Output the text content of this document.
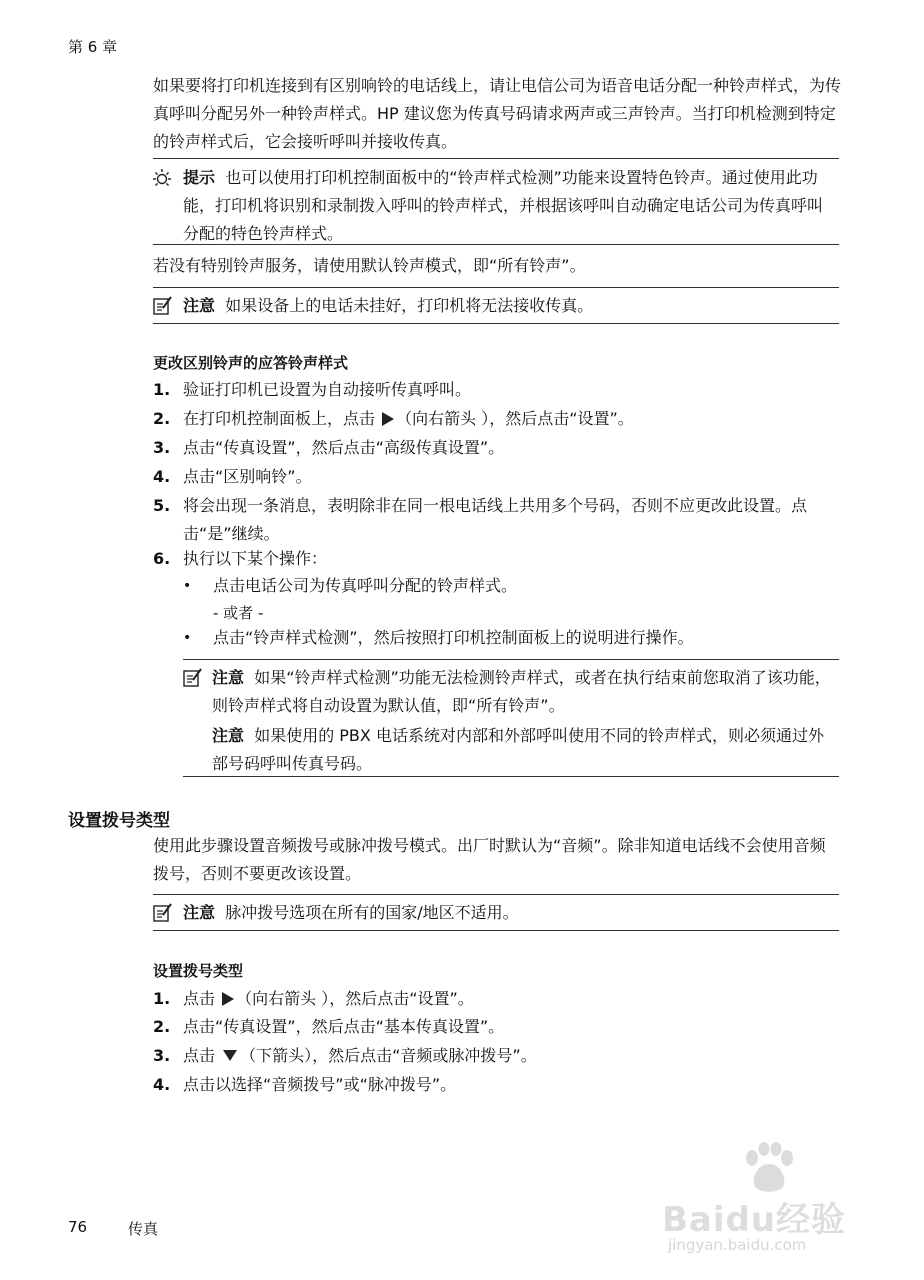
第 6 章
如果要将打印机连接到有区别响铃的电话线上，请让电信公司为语音电话分配一种铃声样式，为传真呼叫分配另外一种铃声样式。HP 建议您为传真号码请求两声或三声铃声。当打印机检测到特定的铃声样式后，它会接听呼叫并接收传真。
提示 也可以使用打印机控制面板中的“铃声样式检测”功能来设置特色铃声。通过使用此功能，打印机将识别和录制拨入呼叫的铃声样式，并根据该呼叫自动确定电话公司为传真呼叫分配的特色铃声样式。
若没有特别铃声服务，请使用默认铃声模式，即“所有铃声”。
注意 如果设备上的电话未挂好，打印机将无法接收传真。
更改区别铃声的应答铃声样式
1. 验证打印机已设置为自动接听传真呼叫。
2. 在打印机控制面板上，点击 （向右箭头 ），然后点击“设置”。
3. 点击“传真设置”，然后点击“高级传真设置”。
4. 点击“区别响铃”。
5. 将会出现一条消息，表明除非在同一根电话线上共用多个号码，否则不应更改此设置。点击“是”继续。
6. 执行以下某个操作：
• 点击电话公司为传真呼叫分配的铃声样式。
- 或者 -
• 点击“铃声样式检测”，然后按照打印机控制面板上的说明进行操作。
注意 如果“铃声样式检测”功能无法检测铃声样式，或者在执行结束前您取消了该功能，则铃声样式将自动设置为默认值，即“所有铃声”。
注意 如果使用的 PBX 电话系统对内部和外部呼叫使用不同的铃声样式，则必须通过外部号码呼叫传真号码。
设置拨号类型
使用此步骤设置音频拨号或脉冲拨号模式。出厂时默认为“音频”。除非知道电话线不会使用音频拨号，否则不要更改该设置。
注意 脉冲拨号选项在所有的国家/地区不适用。
设置拨号类型
1. 点击 （向右箭头 ），然后点击“设置”。
2. 点击“传真设置”，然后点击“基本传真设置”。
3. 点击 （下箭头），然后点击“音频或脉冲拨号”。
4. 点击以选择“音频拨号”或“脉冲拨号”。
76	传真	Baidu经验
jingyan.baidu.com
